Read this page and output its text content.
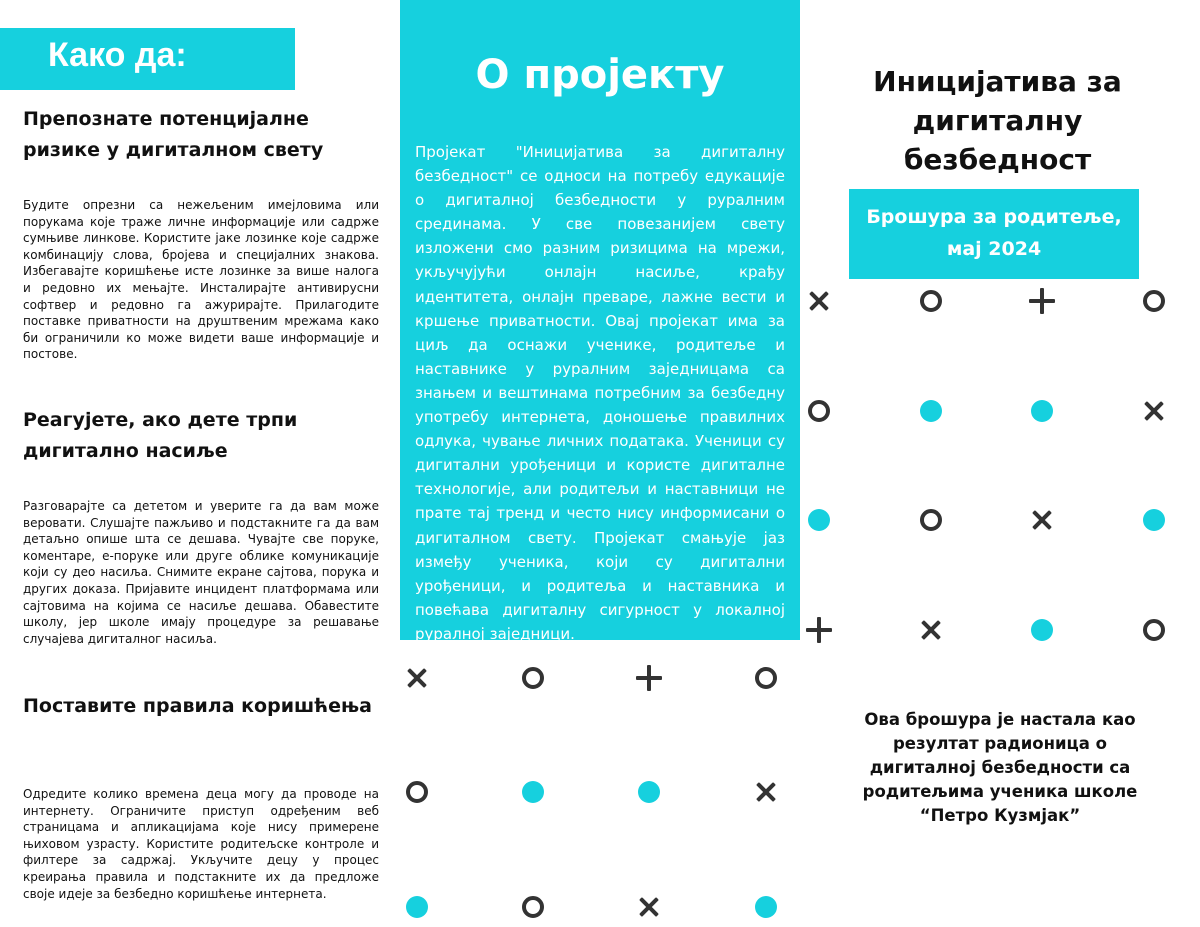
Како да:
Препознате потенцијалне ризике у дигиталном свету
Будите опрезни са нежељеним имејловима или порукама које траже личне информације или садрже сумњиве линкове. Користите јаке лозинке које садрже комбинацију слова, бројева и специјалних знакова. Избегавајте коришћење исте лозинке за више налога и редовно их мењајте. Инсталирајте антивирусни софтвер и редовно га ажурирајте. Прилагодите поставке приватности на друштвеним мрежама како би ограничили ко може видети ваше информације и постове.
Реагујете, ако дете трпи дигитално насиље
Разговарајте са дететом и уверите га да вам може веровати. Слушајте пажљиво и подстакните га да вам детаљно опише шта се дешава. Чувајте све поруке, коментаре, е-поруке или друге облике комуникације који су део насиља. Снимите екране сајтова, порука и других доказа. Пријавите инцидент платформама или сајтовима на којима се насиље дешава. Обавестите школу, јер школе имају процедуре за решавање случајева дигиталног насиља.
Поставите правила коришћења
Одредите колико времена деца могу да проводе на интернету. Ограничите приступ одређеним веб страницама и апликацијама које нису примерене њиховом узрасту. Користите родитељске контроле и филтере за садржај. Укључите децу у процес креирања правила и подстакните их да предложе своје идеје за безбедно коришћење интернета.
О пројекту
Пројекат "Иницијатива за дигиталну безбедност" се односи на потребу едукације о дигиталној безбедности у руралним срединама. У све повезанијем свету изложени смо разним ризицима на мрежи, укључујући онлајн насиље, крађу идентитета, онлајн преваре, лажне вести и кршење приватности. Овај пројекат има за циљ да оснажи ученике, родитеље и наставнике у руралним заједницама са знањем и вештинама потребним за безбедну употребу интернета, доношење правилних одлука, чување личних података. Ученици су дигитални урођеници и користе дигиталне технологије, али родитељи и наставници не прате тај тренд и често нису информисани о дигиталном свету. Пројекат смањује јаз између ученика, који су дигитални урођеници, и родитеља и наставника и повећава дигиталну сигурност у локалној руралној заједници.
Иницијатива за дигиталну безбедност
Брошура за родитеље, мај 2024
Ова брошура је настала као резултат радионица о дигиталној безбедности са родитељима ученика школе “Петро Кузмјак”
